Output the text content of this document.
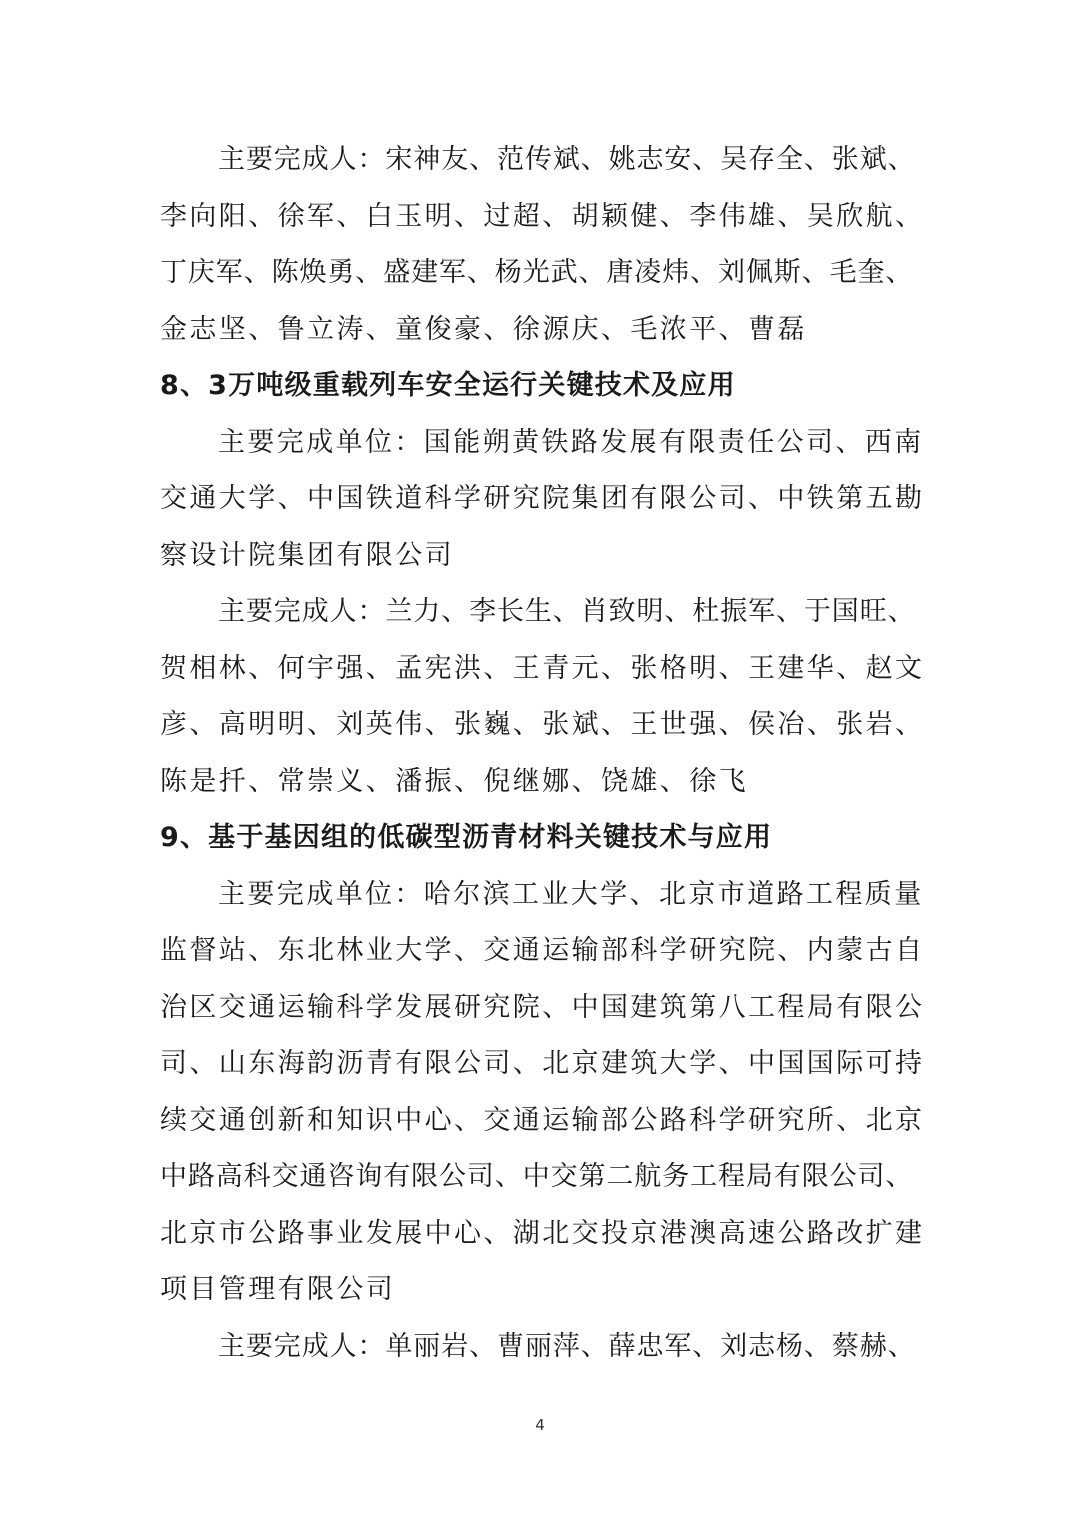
主要完成人：宋神友、范传斌、姚志安、吴存全、张斌、
李向阳、徐军、白玉明、过超、胡颖健、李伟雄、吴欣航、
丁庆军、陈焕勇、盛建军、杨光武、唐凌炜、刘佩斯、毛奎、
金志坚、鲁立涛、童俊豪、徐源庆、毛浓平、曹磊
8、3万吨级重载列车安全运行关键技术及应用
主要完成单位：国能朔黄铁路发展有限责任公司、西南
交通大学、中国铁道科学研究院集团有限公司、中铁第五勘
察设计院集团有限公司
主要完成人：兰力、李长生、肖致明、杜振军、于国旺、
贺相林、何宇强、孟宪洪、王青元、张格明、王建华、赵文
彦、高明明、刘英伟、张巍、张斌、王世强、侯冶、张岩、
陈是扦、常崇义、潘振、倪继娜、饶雄、徐飞
9、基于基因组的低碳型沥青材料关键技术与应用
主要完成单位：哈尔滨工业大学、北京市道路工程质量
监督站、东北林业大学、交通运输部科学研究院、内蒙古自
治区交通运输科学发展研究院、中国建筑第八工程局有限公
司、山东海韵沥青有限公司、北京建筑大学、中国国际可持
续交通创新和知识中心、交通运输部公路科学研究所、北京
中路高科交通咨询有限公司、中交第二航务工程局有限公司、
北京市公路事业发展中心、湖北交投京港澳高速公路改扩建
项目管理有限公司
主要完成人：单丽岩、曹丽萍、薛忠军、刘志杨、蔡赫、
4
